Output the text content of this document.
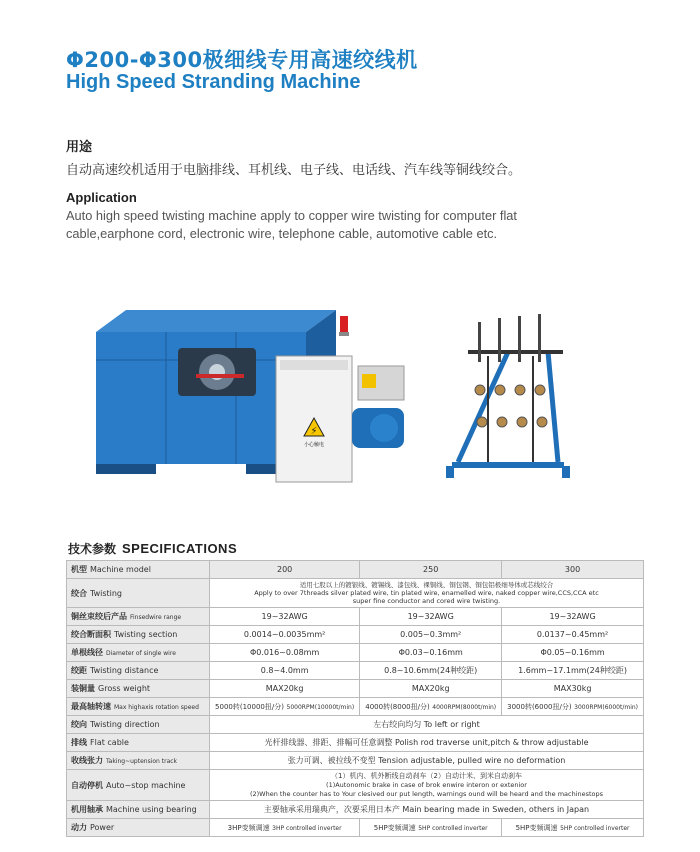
Φ200-Φ300极细线专用高速绞线机
High Speed Stranding Machine
用途
自动高速绞机适用于电脑排线、耳机线、电子线、电话线、汽车线等铜线绞合。
Application
Auto high speed twisting machine apply to copper wire twisting for computer flat cable,earphone cord, electronic wire, telephone cable, automotive cable etc.
⚡
小心触电
技术参数 SPECIFICATIONS
机型 Machine model	200	250	300
绞合 Twisting	适用七股以上的镀银线、镀锡线、漆包线、裸铜线、铜包钢、铜包铝极细导体或芯线绞合
Apply to over 7threads silver plated wire, tin plated wire, enamelled wire, naked copper wire,CCS,CCA etc
super fine conductor and cored wire twisting.		

铜丝束绞后产品 Finsedwire range	19~32AWG	19~32AWG	19~32AWG
绞合断面积 Twisting section	0.0014~0.0035mm²	0.005~0.3mm²	0.0137~0.45mm²
单根线径 Diameter of single wire	Φ0.016~0.08mm	Φ0.03~0.16mm	Φ0.05~0.16mm
绞距 Twisting distance	0.8~4.0mm	0.8~10.6mm(24种绞距)	1.6mm~17.1mm(24种绞距)
装铜量 Gross weight	MAX20kg	MAX20kg	MAX30kg
最高轴转速 Max highaxis rotation speed	5000转(10000扭/分) 5000RPM(10000t/min)	4000转(8000扭/分) 4000RPM(8000t/min)	3000转(6000扭/分) 3000RPM(6000t/min)
绞向 Twisting direction	左右绞向均匀 To left or right		
排线 Flat cable	光杆排线器、排距、排幅可任意调整 Polish rod traverse unit,pitch & throw adjustable		
收线张力 Taking~uptension track	张力可调、被拉线不变型 Tension adjustable, pulled wire no deformation		
自动停机 Auto~stop machine	（1）机内、机外断线自动刹车（2）自动计米、到米自动刹车
(1)Autonomic brake in case of brok enwire interon or extenior
(2)When the counter has to Your clesived our put length, warnings ound will be heard and the machinestops		

机用轴承 Machine using bearing	主要轴承采用瑞典产，次要采用日本产 Main bearing made in Sweden, others in Japan		
动力 Power	3HP变频调速 3HP controlled inverter	5HP变频调速 5HP controlled inverter	5HP变频调速 5HP controlled inverter
